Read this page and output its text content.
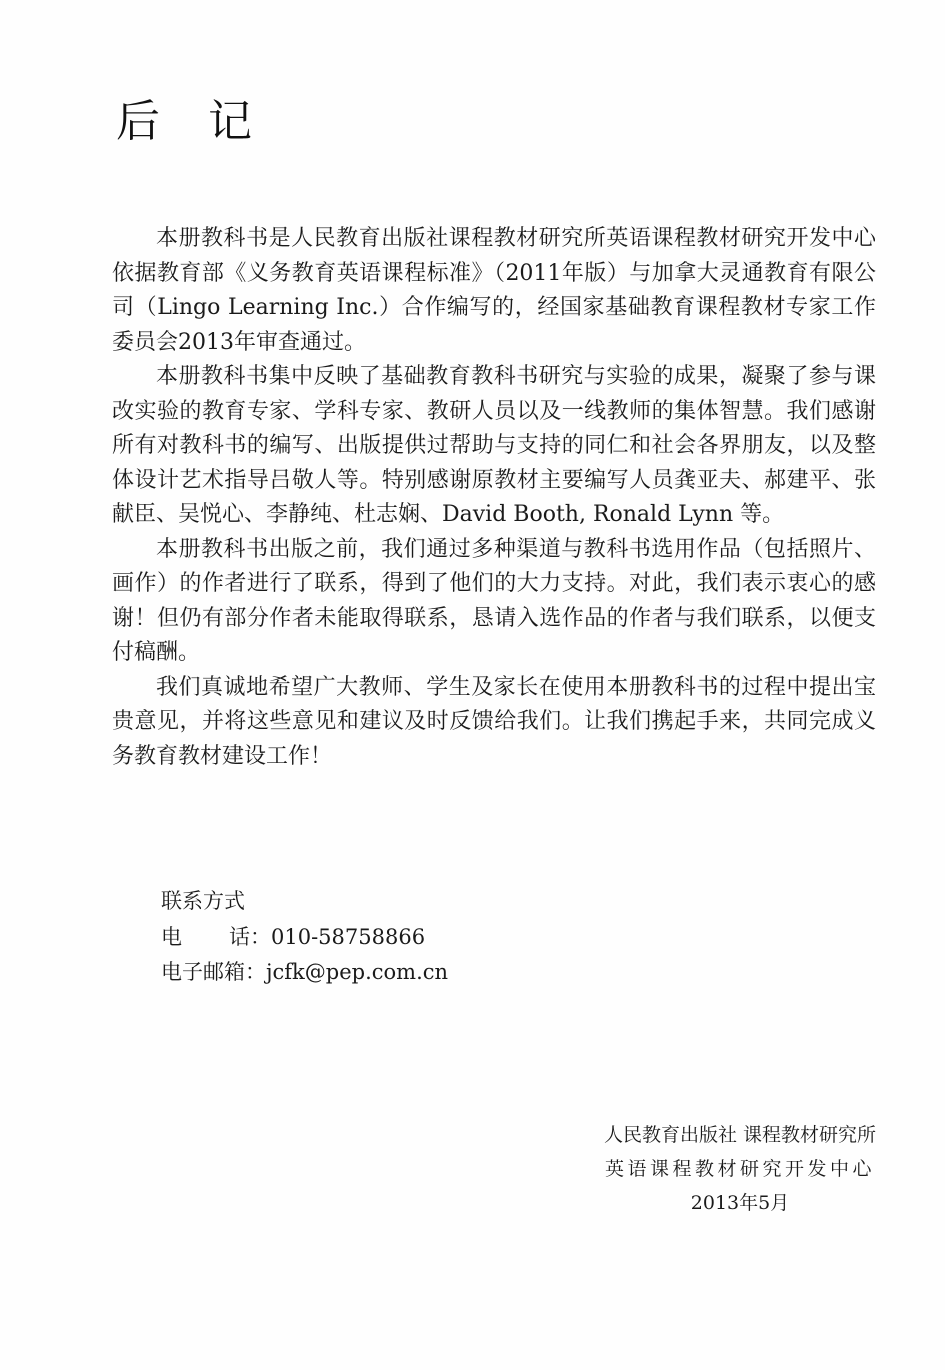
后 记

本册教科书是人民教育出版社课程教材研究所英语课程教材研究开发中心依据教育部《义务教育英语课程标准》（2011年版）与加拿大灵通教育有限公司（Lingo Learning Inc.）合作编写的，经国家基础教育课程教材专家工作委员会2013年审查通过。

本册教科书集中反映了基础教育教科书研究与实验的成果，凝聚了参与课改实验的教育专家、学科专家、教研人员以及一线教师的集体智慧。我们感谢所有对教科书的编写、出版提供过帮助与支持的同仁和社会各界朋友，以及整体设计艺术指导吕敬人等。特别感谢原教材主要编写人员龚亚夫、郝建平、张献臣、吴悦心、李静纯、杜志娴、David Booth, Ronald Lynn 等。

本册教科书出版之前，我们通过多种渠道与教科书选用作品（包括照片、画作）的作者进行了联系，得到了他们的大力支持。对此，我们表示衷心的感谢！但仍有部分作者未能取得联系，恳请入选作品的作者与我们联系，以便支付稿酬。

我们真诚地希望广大教师、学生及家长在使用本册教科书的过程中提出宝贵意见，并将这些意见和建议及时反馈给我们。让我们携起手来，共同完成义务教育教材建设工作！

联系方式
电 话：010-58758866
电子邮箱：jcfk@pep.com.cn
人民教育出版社 课程教材研究所
英语课程教材研究开发中心
2013年5月
